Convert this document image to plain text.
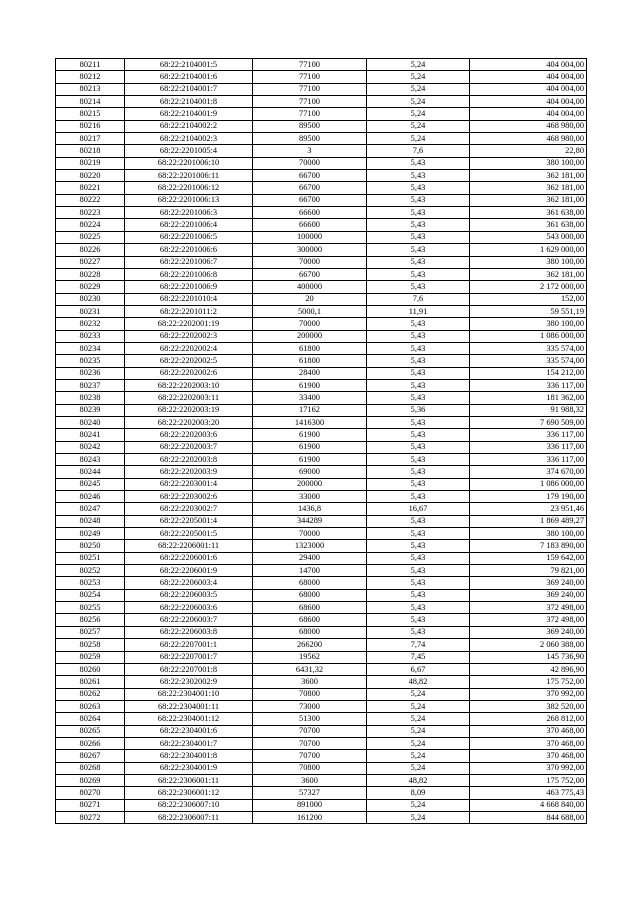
80211	68:22:2104001:5	77100	5,24	404 004,00
80212	68:22:2104001:6	77100	5,24	404 004,00
80213	68:22:2104001:7	77100	5,24	404 004,00
80214	68:22:2104001:8	77100	5,24	404 004,00
80215	68:22:2104001:9	77100	5,24	404 004,00
80216	68:22:2104002:2	89500	5,24	468 980,00
80217	68:22:2104002:3	89500	5,24	468 980,00
80218	68:22:2201005:4	3	7,6	22,80
80219	68:22:2201006:10	70000	5,43	380 100,00
80220	68:22:2201006:11	66700	5,43	362 181,00
80221	68:22:2201006:12	66700	5,43	362 181,00
80222	68:22:2201006:13	66700	5,43	362 181,00
80223	68:22:2201006:3	66600	5,43	361 638,00
80224	68:22:2201006:4	66600	5,43	361 638,00
80225	68:22:2201006:5	100000	5,43	543 000,00
80226	68:22:2201006:6	300000	5,43	1 629 000,00
80227	68:22:2201006:7	70000	5,43	380 100,00
80228	68:22:2201006:8	66700	5,43	362 181,00
80229	68:22:2201006:9	400000	5,43	2 172 000,00
80230	68:22:2201010:4	20	7,6	152,00
80231	68:22:2201011:2	5000,1	11,91	59 551,19
80232	68:22:2202001:19	70000	5,43	380 100,00
80233	68:22:2202002:3	200000	5,43	1 086 000,00
80234	68:22:2202002:4	61800	5,43	335 574,00
80235	68:22:2202002:5	61800	5,43	335 574,00
80236	68:22:2202002:6	28400	5,43	154 212,00
80237	68:22:2202003:10	61900	5,43	336 117,00
80238	68:22:2202003:11	33400	5,43	181 362,00
80239	68:22:2202003:19	17162	5,36	91 988,32
80240	68:22:2202003:20	1416300	5,43	7 690 509,00
80241	68:22:2202003:6	61900	5,43	336 117,00
80242	68:22:2202003:7	61900	5,43	336 117,00
80243	68:22:2202003:8	61900	5,43	336 117,00
80244	68:22:2202003:9	69000	5,43	374 670,00
80245	68:22:2203001:4	200000	5,43	1 086 000,00
80246	68:22:2203002:6	33000	5,43	179 190,00
80247	68:22:2203002:7	1436,8	16,67	23 951,46
80248	68:22:2205001:4	344289	5,43	1 869 489,27
80249	68:22:2205001:5	70000	5,43	380 100,00
80250	68:22:2206001:11	1323000	5,43	7 183 890,00
80251	68:22:2206001:6	29400	5,43	159 642,00
80252	68:22:2206001:9	14700	5,43	79 821,00
80253	68:22:2206003:4	68000	5,43	369 240,00
80254	68:22:2206003:5	68000	5,43	369 240,00
80255	68:22:2206003:6	68600	5,43	372 498,00
80256	68:22:2206003:7	68600	5,43	372 498,00
80257	68:22:2206003:8	68000	5,43	369 240,00
80258	68:22:2207001:1	266200	7,74	2 060 388,00
80259	68:22:2207001:7	19562	7,45	145 736,90
80260	68:22:2207001:8	6431,32	6,67	42 896,90
80261	68:22:2302002:9	3600	48,82	175 752,00
80262	68:22:2304001:10	70800	5,24	370 992,00
80263	68:22:2304001:11	73000	5,24	382 520,00
80264	68:22:2304001:12	51300	5,24	268 812,00
80265	68:22:2304001:6	70700	5,24	370 468,00
80266	68:22:2304001:7	70700	5,24	370 468,00
80267	68:22:2304001:8	70700	5,24	370 468,00
80268	68:22:2304001:9	70800	5,24	370 992,00
80269	68:22:2306001:11	3600	48,82	175 752,00
80270	68:22:2306001:12	57327	8,09	463 775,43
80271	68:22:2306007:10	891000	5,24	4 668 840,00
80272	68:22:2306007:11	161200	5,24	844 688,00
